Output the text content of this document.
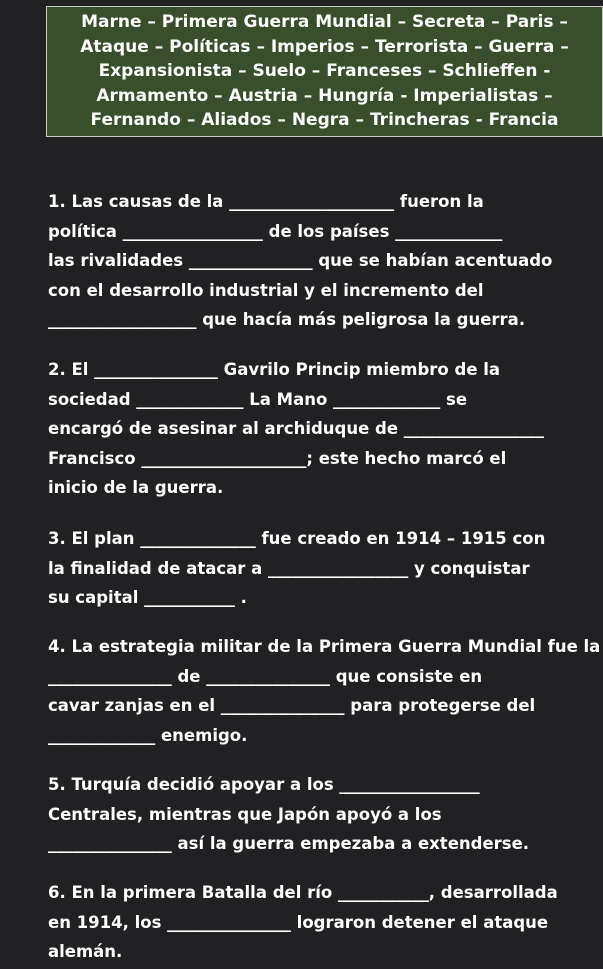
Marne – Primera Guerra Mundial – Secreta – Paris –
Ataque – Políticas – Imperios – Terrorista – Guerra –
Expansionista – Suelo – Franceses – Schlieffen -
Armamento – Austria – Hungría - Imperialistas –
Fernando – Aliados – Negra – Trincheras - Francia
1. Las causas de la ____________________ fueron la
política _________________ de los países _____________
las rivalidades _______________ que se habían acentuado
con el desarrollo industrial y el incremento del
__________________ que hacía más peligrosa la guerra.
2. El _______________ Gavrilo Princip miembro de la
sociedad _____________ La Mano _____________ se
encargó de asesinar al archiduque de _________________
Francisco ____________________; este hecho marcó el
inicio de la guerra.
3. El plan ______________ fue creado en 1914 – 1915 con
la finalidad de atacar a _________________ y conquistar
su capital ___________ .
4. La estrategia militar de la Primera Guerra Mundial fue la
_______________ de _______________ que consiste en
cavar zanjas en el _______________ para protegerse del
_____________ enemigo.
5. Turquía decidió apoyar a los _________________
Centrales, mientras que Japón apoyó a los
_______________ así la guerra empezaba a extenderse.
6. En la primera Batalla del río ___________, desarrollada
en 1914, los _______________ lograron detener el ataque
alemán.
